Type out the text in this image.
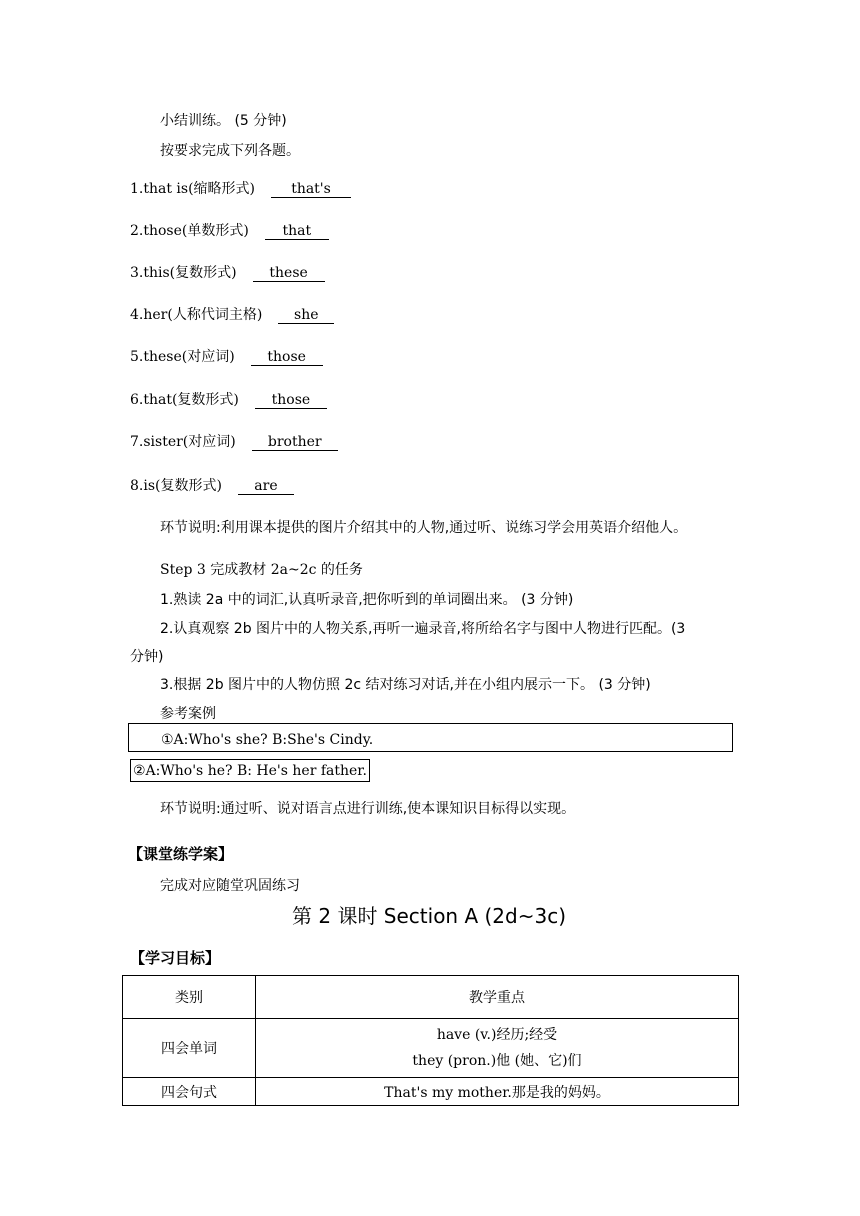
小结训练。 (5 分钟)
按要求完成下列各题。
1.that is(缩略形式)	that's
2.those(单数形式) that
3.this(复数形式) these
4.her(人称代词主格) she
5.these(对应词) those
6.that(复数形式) those
7.sister(对应词) brother
8.is(复数形式) are
环节说明:利用课本提供的图片介绍其中的人物,通过听、说练习学会用英语介绍他人。
Step 3 完成教材 2a~2c 的任务
1.熟读 2a 中的词汇,认真听录音,把你听到的单词圈出来。 (3 分钟)
2.认真观察 2b 图片中的人物关系,再听一遍录音,将所给名字与图中人物进行匹配。(3
分钟)
3.根据 2b 图片中的人物仿照 2c 结对练习对话,并在小组内展示一下。 (3 分钟)
参考案例
①A:Who's she? B:She's Cindy.
②A:Who's he? B: He's her father.
环节说明:通过听、说对语言点进行训练,使本课知识目标得以实现。
【课堂练学案】
完成对应随堂巩固练习
第 2 课时 Section A (2d~3c)
【学习目标】
类别	教学重点
四会单词	have (v.)经历;经受
they (pron.)他 (她、它)们

四会句式	That's my mother.那是我的妈妈。
